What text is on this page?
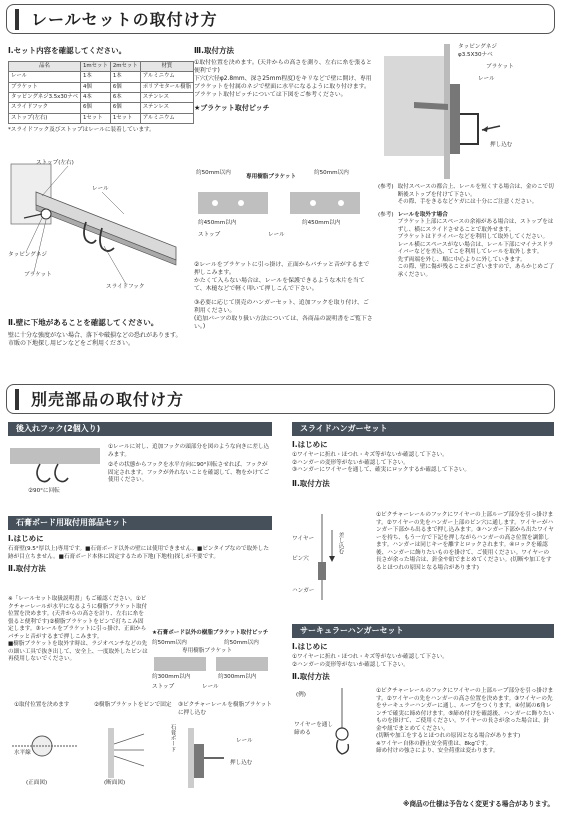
レールセットの取付け方
Ⅰ.セット内容を確認してください。
品名	1mセット	2mセット	材質
レール	1本	1本	アルミニウム
ブラケット	4個	6個	ポリアセタール樹脂
タッピングネジ3.5x30ナベ	4本	6本	ステンレス
スライドフック	6個	6個	ステンレス
ストップ(左右)	1セット	1セット	アルミニウム
*スライドフック及びストップはレールに装着しています。
ストップ(左右)
レール
タッピングネジ
ブラケット
スライドフック
Ⅱ.壁に下地があることを確認してください。
壁に十分な強度がない場合、落下や破損などの恐れがあります。
市販の下地探し用ピンなどをご利用ください。
Ⅲ.取付方法
①取付位置を決めます。(天井からの高さを測り、左右に糸を張ると便利です)
下穴(穴径φ2.8mm、深さ25mm程度)をキリなどで壁に開け、専用ブラケットを付属のネジで壁面に水平になるように取り付けます。
ブラケット取付ピッチについては下図をご参考ください。
★ブラケット取付ピッチ
約50mm以内
専用樹脂ブラケット
約50mm以内
約450mm以内	約450mm以内
ストップ	レール
②レールをブラケットに引っ掛け、正面からパチッと音がするまで押しこみます。
かたくて入らない場合は、レールを保護できるような木片を当てて、木槌などで軽く叩いて押しこんで下さい。
③必要に応じて別売のハンガーセット、追加フックを取り付け、ご利用ください。
(追加パーツの取り扱い方法については、各商品の説明書をご覧下さい。)
タッピングネジ
φ3.5X30ナベ
ブラケット
レール
押し込む
(参考) 取付スペースの都合上、レールを短くする場合は、金のこで切断後ストップを付けて下さい。
その際、手をきるなどケガには十分にご注意ください。
(参考) レールを取外す場合
ブラケット上部にスペースの余裕がある場合は、ストップをはずし、横にスライドさせることで取外せます。
ブラケットはドライバーなどを利用して取外してください。
レール横にスペースがない場合は、レール下部にマイナスドライバーなどを差込、てこを利用してレールを取外します。
先ず両端を外し、順に中心よりに外していきます。
この際、壁に傷が残ることがございますので、あらかじめご了承ください。
別売部品の取付け方
後入れフック(2個入り)
②90°に回転
①レールに対し、追加フックの頭部分を図のような向きに差し込みます。
②その状態からフックを水平方向に90°回転させれば、フックが固定されます。フックが外れないことを確認して、物をかけてご使用ください。
石膏ボード用取付用部品セット
Ⅰ.はじめに
石膏壁(9.5°厚以上)専用です。■石膏ボード以外の壁には使用できません。■ピンタイプなので取外した跡が目立ちません。■石膏ボード本体に固定するため下地(下地柱)探しが不要です。
Ⅱ.取付方法
※「レールセット取扱説明書」もご確認ください。①ピクチャーレールが水平になるように樹脂ブラケット取付位置を決めます。(天井からの高さを計り、左右に糸を張ると便利です)②樹脂ブラケットをピンで打ちこみ固定します。③レールをブラケットに引っ掛け、正面からパチッと音がするまで押しこみます。
■樹脂ブラケットを取外す時は、ラジオペンチなどの先の細い工具で抜き出して、安全上、一度取外したピンは再使用しないでください。
★石膏ボード以外の樹脂ブラケット取付ピッチ
約50mm以内	約50mm以内
専用樹脂ブラケット
約300mm以内	約300mm以内
ストップ	レール
①取付位置を決めます	②樹脂ブラケットをピンで固定	③ピクチャーレールを樹脂ブラケットに押し込む
水平線
(正面図)	(断面図)
石膏ボード	レール
押し込む
スライドハンガーセット
Ⅰ.はじめに
①ワイヤーに折れ・ほつれ・キズ等がないか確認して下さい。
②ハンガーの変形等がないか確認して下さい。
③ハンガーにワイヤーを通して、確実にロックするか確認して下さい。
Ⅱ.取付方法
ワイヤー
ピン穴
ハンガー
差し込む
①ピクチャーレールのフックにワイヤーの上部ループ部分を引っ掛けます。②ワイヤーの先をハンガー上部のピン穴に通します。ワイヤーがハンガー下部から出るまで押し込みます。③ハンガー下部から出たワイヤーを持ち、もう一方で下記を押しながらハンガーの高さ位置を調節します。ハンガーは同じキーを離すとロックされます。④ロックを確認後、ハンガーに飾りたいものを掛けて、ご使用ください。ワイヤーの長さが余った場合は、針金や紐でまとめてください。(切断や加工をするとほつれの原因となる場合があります)
サーキュラーハンガーセット
Ⅰ.はじめに
①ワイヤーに折れ・ほつれ・キズ等がないか確認して下さい。
②ハンガーの変形等がないか確認して下さい。
Ⅱ.取付方法
(例)
ワイヤーを通し締める
①ピクチャーレールのフックにワイヤーの上部ループ部分を引っ掛けます。②ワイヤーの先をハンガーの高さ位置を決めます。③ワイヤーの先をサーキュラーハンガーに通し、ループをつくります。④付属の6角レンチで確実に締め付けます。⑤締め付けを確認後、ハンガーに飾りたいものを掛けて、ご使用ください。ワイヤーの長さが余った場合は、針金や紐でまとめてください。
(切断や加工をするとほつれの原因となる場合があります)
※ワイヤー自体の静止安全荷重は、8kgです。
締め付けの強さにより、安全荷重は変わります。
※商品の仕様は予告なく変更する場合があります。
